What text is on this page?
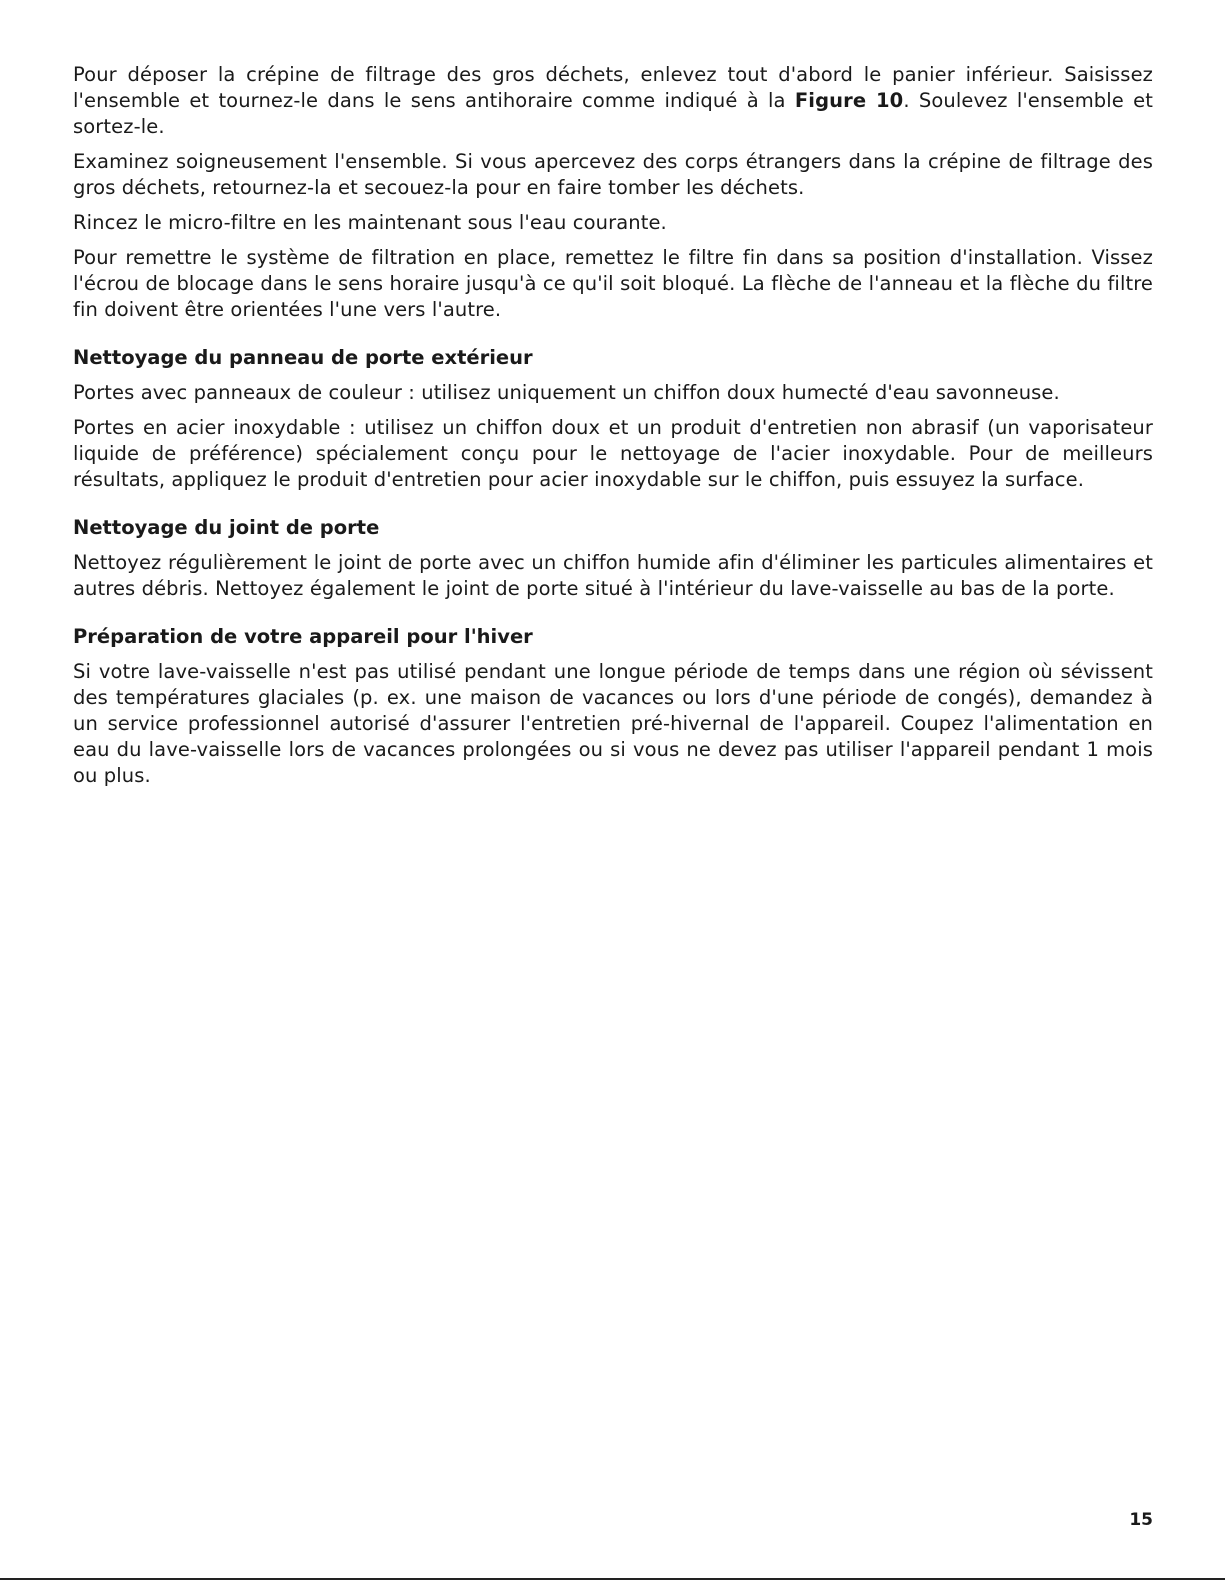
Pour déposer la crépine de filtrage des gros déchets, enlevez tout d'abord le panier inférieur. Saisissez l'ensemble et tournez-le dans le sens antihoraire comme indiqué à la Figure 10. Soulevez l'ensemble et sortez-le.

Examinez soigneusement l'ensemble. Si vous apercevez des corps étrangers dans la crépine de filtrage des gros déchets, retournez-la et secouez-la pour en faire tomber les déchets.

Rincez le micro-filtre en les maintenant sous l'eau courante.

Pour remettre le système de filtration en place, remettez le filtre fin dans sa position d'installation. Vissez l'écrou de blocage dans le sens horaire jusqu'à ce qu'il soit bloqué. La flèche de l'anneau et la flèche du filtre fin doivent être orientées l'une vers l'autre.

Nettoyage du panneau de porte extérieur

Portes avec panneaux de couleur : utilisez uniquement un chiffon doux humecté d'eau savonneuse.

Portes en acier inoxydable : utilisez un chiffon doux et un produit d'entretien non abrasif (un vaporisateur liquide de préférence) spécialement conçu pour le nettoyage de l'acier inoxydable. Pour de meilleurs résultats, appliquez le produit d'entretien pour acier inoxydable sur le chiffon, puis essuyez la surface.

Nettoyage du joint de porte

Nettoyez régulièrement le joint de porte avec un chiffon humide afin d'éliminer les particules alimentaires et autres débris. Nettoyez également le joint de porte situé à l'intérieur du lave-vaisselle au bas de la porte.

Préparation de votre appareil pour l'hiver

Si votre lave-vaisselle n'est pas utilisé pendant une longue période de temps dans une région où sévissent des températures glaciales (p. ex. une maison de vacances ou lors d'une période de congés), demandez à un service professionnel autorisé d'assurer l'entretien pré-hivernal de l'appareil. Coupez l'alimentation en eau du lave-vaisselle lors de vacances prolongées ou si vous ne devez pas utiliser l'appareil pendant 1 mois ou plus.

15
